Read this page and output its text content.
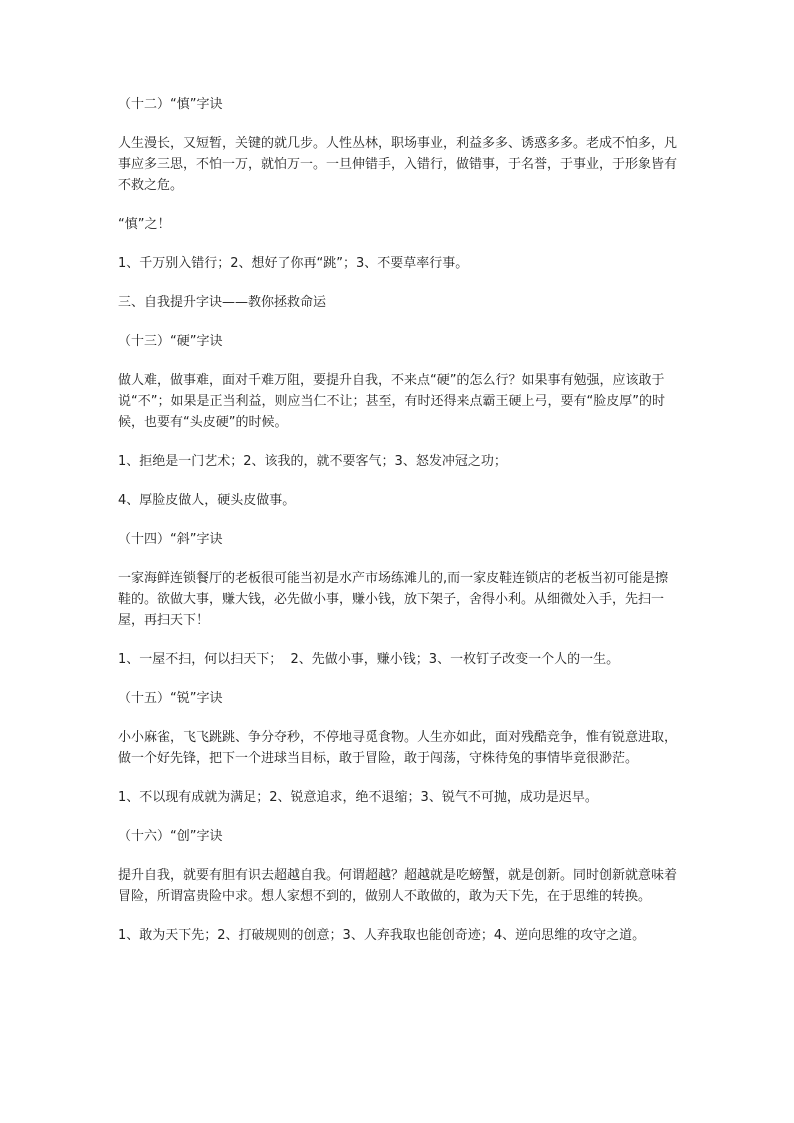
（十二）“慎”字诀

人生漫长，又短暂，关键的就几步。人性丛林，职场事业，利益多多、诱惑多多。老成不怕多，凡事应多三思，不怕一万，就怕万一。一旦伸错手，入错行，做错事，于名誉，于事业，于形象皆有不救之危。

“慎”之！

1、千万别入错行；2、想好了你再“跳”；3、不要草率行事。

三、自我提升字诀——教你拯救命运

（十三）“硬”字诀

做人难，做事难，面对千难万阻，要提升自我，不来点“硬”的怎么行？如果事有勉强，应该敢于说“不”；如果是正当利益，则应当仁不让；甚至，有时还得来点霸王硬上弓，要有“脸皮厚”的时候，也要有“头皮硬”的时候。

1、拒绝是一门艺术；2、该我的，就不要客气；3、怒发冲冠之功；

4、厚脸皮做人，硬头皮做事。

（十四）“斜”字诀

一家海鲜连锁餐厅的老板很可能当初是水产市场练滩儿的,而一家皮鞋连锁店的老板当初可能是擦鞋的。欲做大事，赚大钱，必先做小事，赚小钱，放下架子，舍得小利。从细微处入手，先扫一屋，再扫天下！

1、一屋不扫，何以扫天下；  2、先做小事，赚小钱；3、一枚钉子改变一个人的一生。

（十五）“锐”字诀

小小麻雀，飞飞跳跳、争分夺秒，不停地寻觅食物。人生亦如此，面对残酷竞争，惟有锐意进取，做一个好先锋，把下一个进球当目标，敢于冒险，敢于闯荡，守株待兔的事情毕竟很渺茫。

1、不以现有成就为满足；2、锐意追求，绝不退缩；3、锐气不可抛，成功是迟早。

（十六）“创”字诀

提升自我，就要有胆有识去超越自我。何谓超越？超越就是吃螃蟹，就是创新。同时创新就意味着冒险，所谓富贵险中求。想人家想不到的，做别人不敢做的，敢为天下先，在于思维的转换。

1、敢为天下先；2、打破规则的创意；3、人弃我取也能创奇迹；4、逆向思维的攻守之道。
